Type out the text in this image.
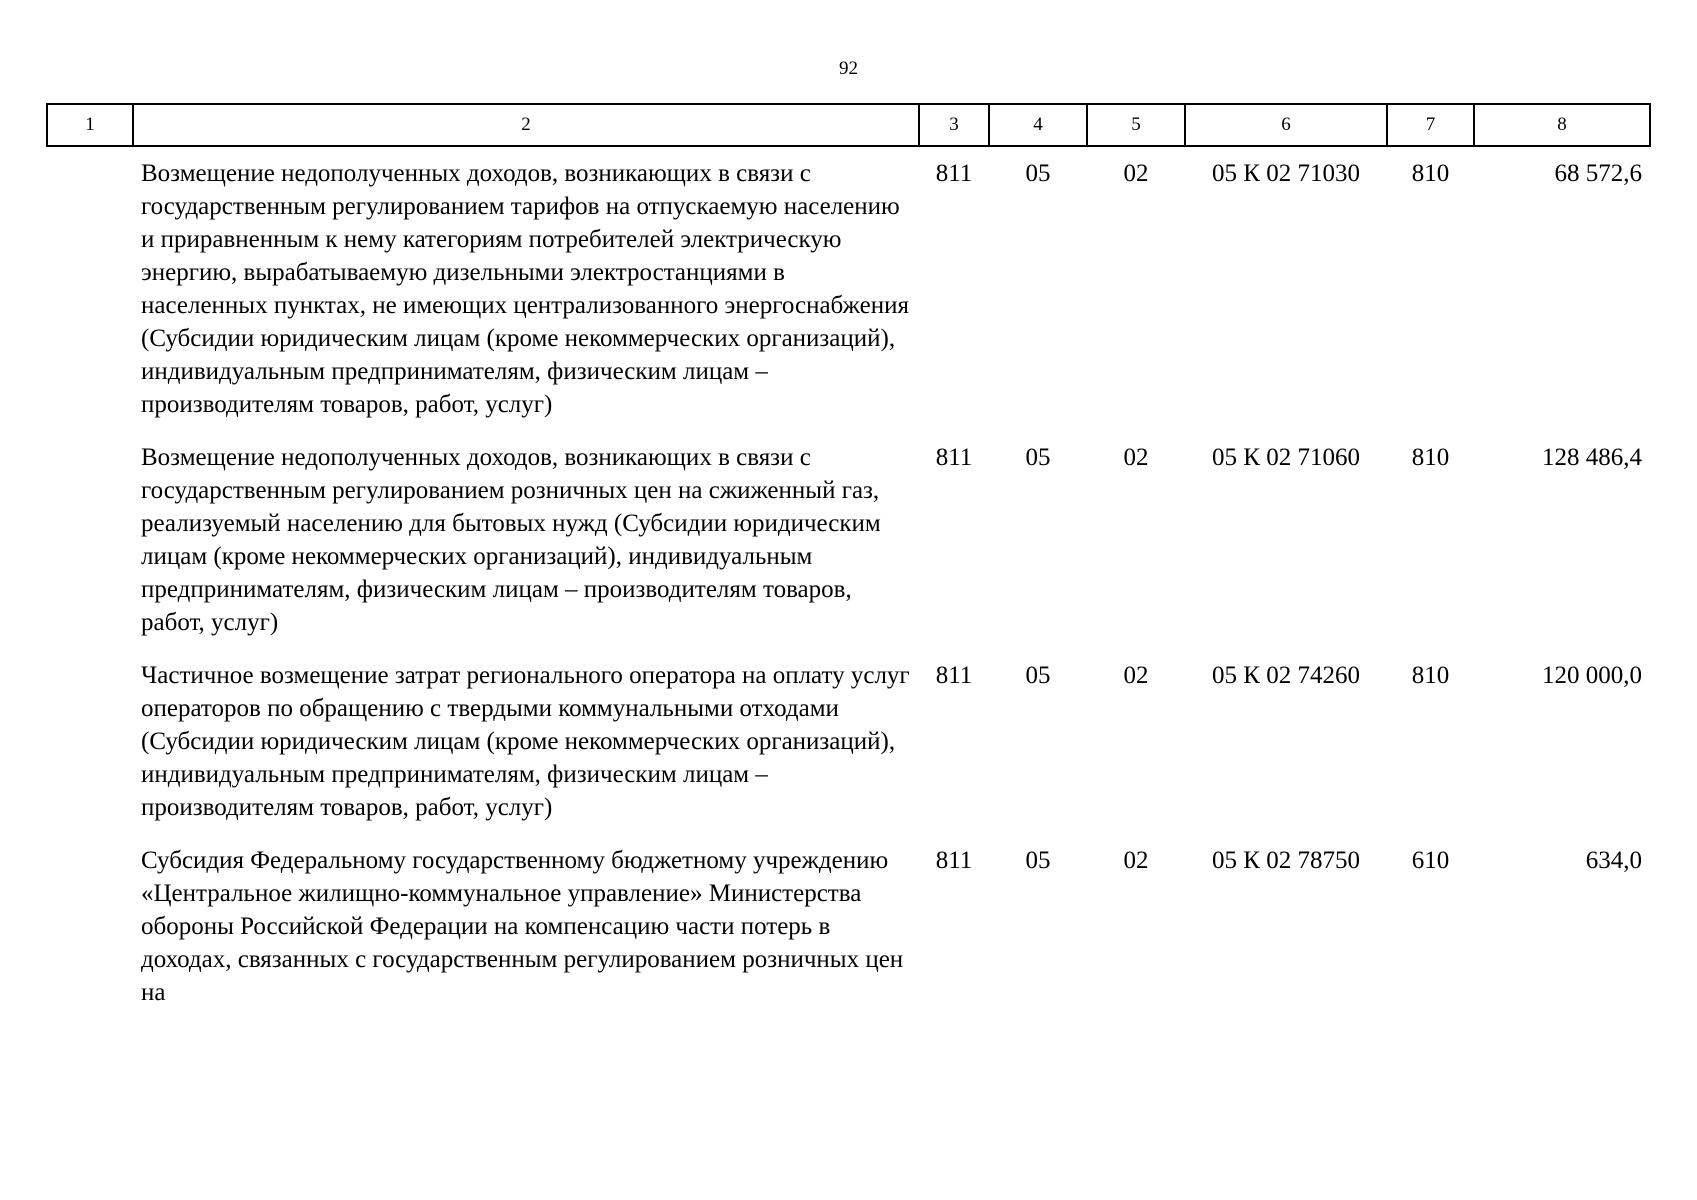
92
1	2	3	4	5	6	7	8
	Возмещение недополученных доходов, возникающих в связи с государственным регулированием тарифов на отпускаемую населению и приравненным к нему категориям потребителей электрическую энергию, вырабатываемую дизельными электростанциями в населенных пунктах, не имеющих централизованного энергоснабжения (Субсидии юридическим лицам (кроме некоммерческих организаций), индивидуальным предпринимателям, физическим лицам – производителям товаров, работ, услуг)	811	05	02	05 К 02 71030	810	68 572,6
	Возмещение недополученных доходов, возникающих в связи с государственным регулированием розничных цен на сжиженный газ, реализуемый населению для бытовых нужд (Субсидии юридическим лицам (кроме некоммерческих организаций), индивидуальным предпринимателям, физическим лицам – производителям товаров, работ, услуг)	811	05	02	05 К 02 71060	810	128 486,4
	Частичное возмещение затрат регионального оператора на оплату услуг операторов по обращению с твердыми коммунальными отходами (Субсидии юридическим лицам (кроме некоммерческих организаций), индивидуальным предпринимателям, физическим лицам – производителям товаров, работ, услуг)	811	05	02	05 К 02 74260	810	120 000,0
	Субсидия Федеральному государственному бюджетному учреждению «Центральное жилищно-коммунальное управление» Министерства обороны Российской Федерации на компенсацию части потерь в доходах, связанных с государственным регулированием розничных цен на	811	05	02	05 К 02 78750	610	634,0
